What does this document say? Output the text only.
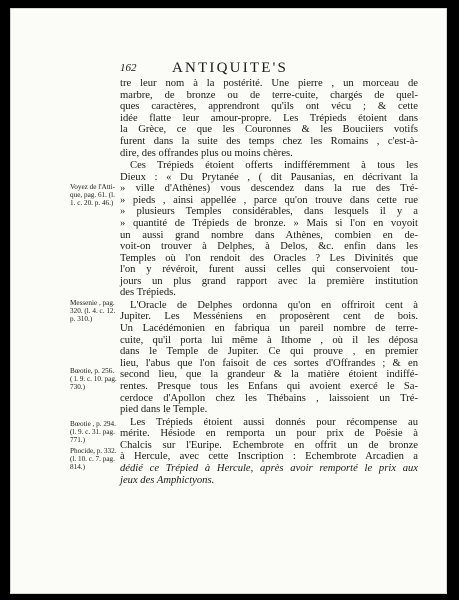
162 ANTIQUITE'S
tre leur nom à la postérité. Une pierre , un morceau de
marbre, de bronze ou de terre-cuite, chargés de quel-
ques caractères, apprendront qu'ils ont vécu ; & cette
idée flatte leur amour-propre. Les Trépieds étoient dans
la Grèce, ce que les Couronnes & les Bouciiers votifs
furent dans la suite des temps chez les Romains , c'est-à-
dire, des offrandes plus ou moins chères.
Ces Trépieds étoient offerts indifféremment à tous les
Dieux : « Du Prytanée , ( dit Pausanias, en décrivant la
» ville d'Athènes) vous descendez dans la rue des Tré-
» pieds , ainsi appellée , parce qu'on trouve dans cette rue
» plusieurs Temples considérables, dans lesquels il y a
» quantité de Trépieds de bronze. » Mais si l'on en voyoit
un aussi grand nombre dans Athènes, combien en de-
voit-on trouver à Delphes, à Delos, &c. enfin dans les
Temples où l'on rendoit des Oracles ? Les Divinités que
l'on y révéroit, furent aussi celles qui conservoient tou-
jours un plus grand rapport avec la première institution
des Trépieds.
L'Oracle de Delphes ordonna qu'on en offriroit cent à
Jupiter. Les Messéniens en proposèrent cent de bois.
Un Lacédémonien en fabriqua un pareil nombre de terre-
cuite, qu'il porta lui même à Ithome , où il les déposa
dans le Temple de Jupiter. Ce qui prouve , en premier
lieu, l'abus que l'on faisoit de ces sortes d'Offrandes ; & en
second lieu, que la grandeur & la matière étoient indiffé-
rentes. Presque tous les Enfans qui avoient exercé le Sa-
cerdoce d'Apollon chez les Thébains , laissoient un Tré-
pied dans le Temple.
Les Trépieds étoient aussi donnés pour récompense au
mérite. Hésiode en remporta un pour prix de Poësie à
Chalcis sur l'Euripe. Echembrote en offrit un de bronze
à Hercule, avec cette Inscription : Echembrote Arcadien a
dédié ce Trépied à Hercule, après avoir remporté le prix aux
jeux des Amphictyons.
Voyez de l'Atti-
que, pag. 61. (l.
1. c. 20. p. 46.)
Messenie , pag.
320. (l. 4. c. 12.
p. 310.)
Bœotie, p. 256.
( l. 9. c. 10. pag.
730.)
Bœotie , p. 294.
(l. 9. c. 31. pag.
771.)
Phocide, p. 332.
(l. 10. c. 7. pag.
814.)
